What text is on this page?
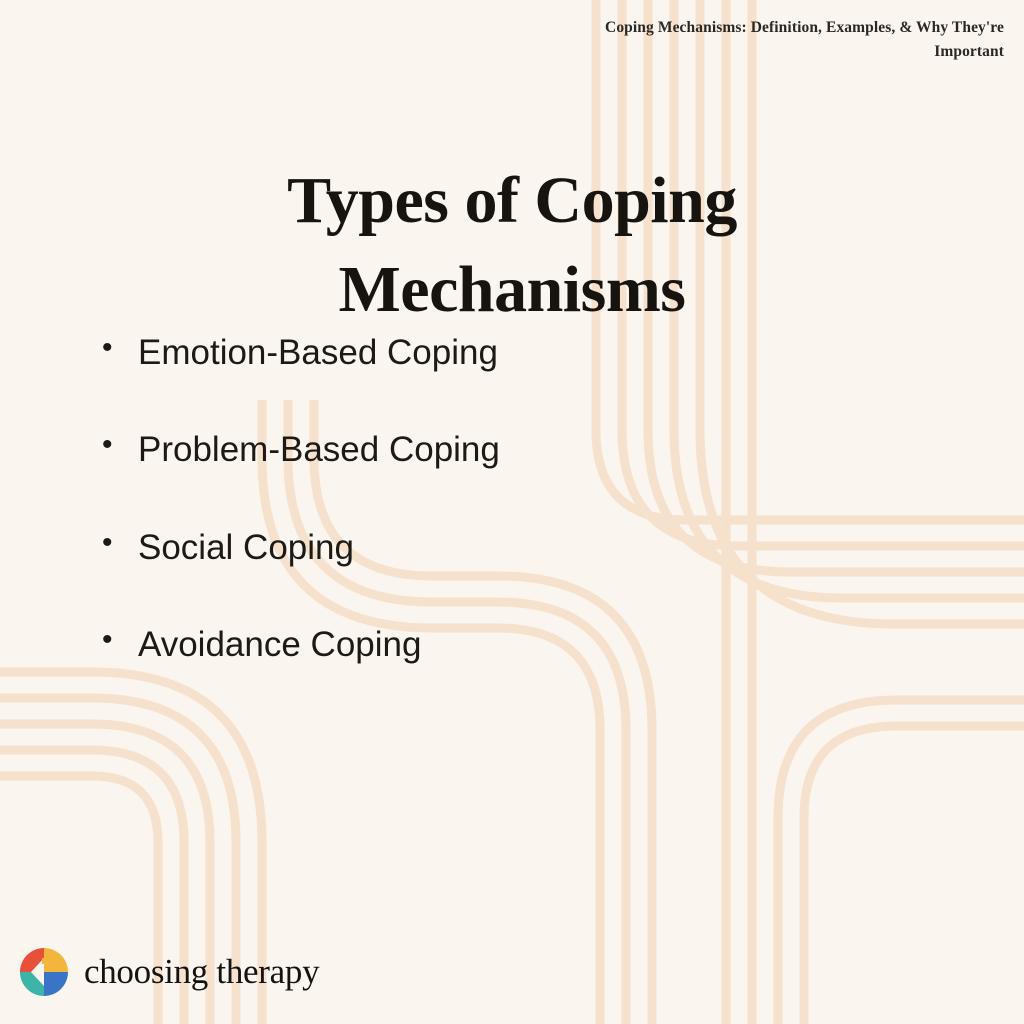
Coping Mechanisms: Definition, Examples, & Why They're Important
Types of Coping Mechanisms
• Emotion-Based Coping
• Problem-Based Coping
• Social Coping
• Avoidance Coping
choosing therapy
